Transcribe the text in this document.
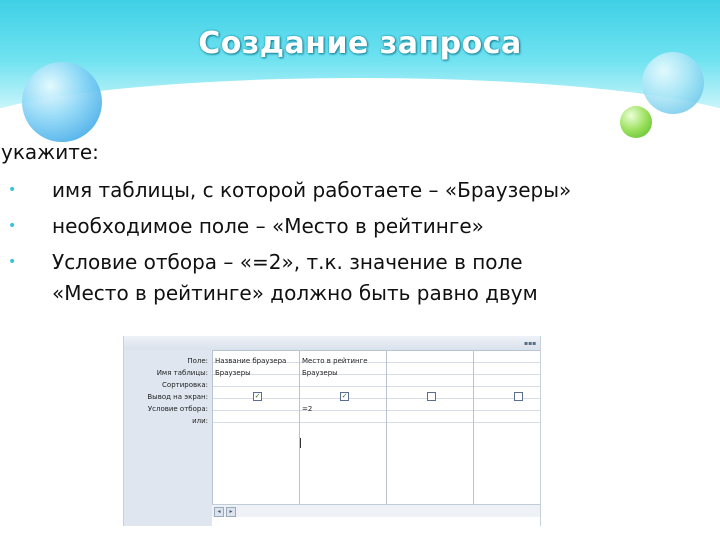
Создание запроса
укажите:
• имя таблицы, с которой работаете – «Браузеры»
• необходимое поле – «Место в рейтинге»
• Условие отбора – «=2», т.к. значение в поле
«Место в рейтинге» должно быть равно двум
▪▪▪
Поле:
Имя таблицы:
Сортировка:
Вывод на экран:
Условие отбора:
или:
Название браузера
Браузеры
✓
Место в рейтинге
Браузеры
✓
=2
◂	▸
